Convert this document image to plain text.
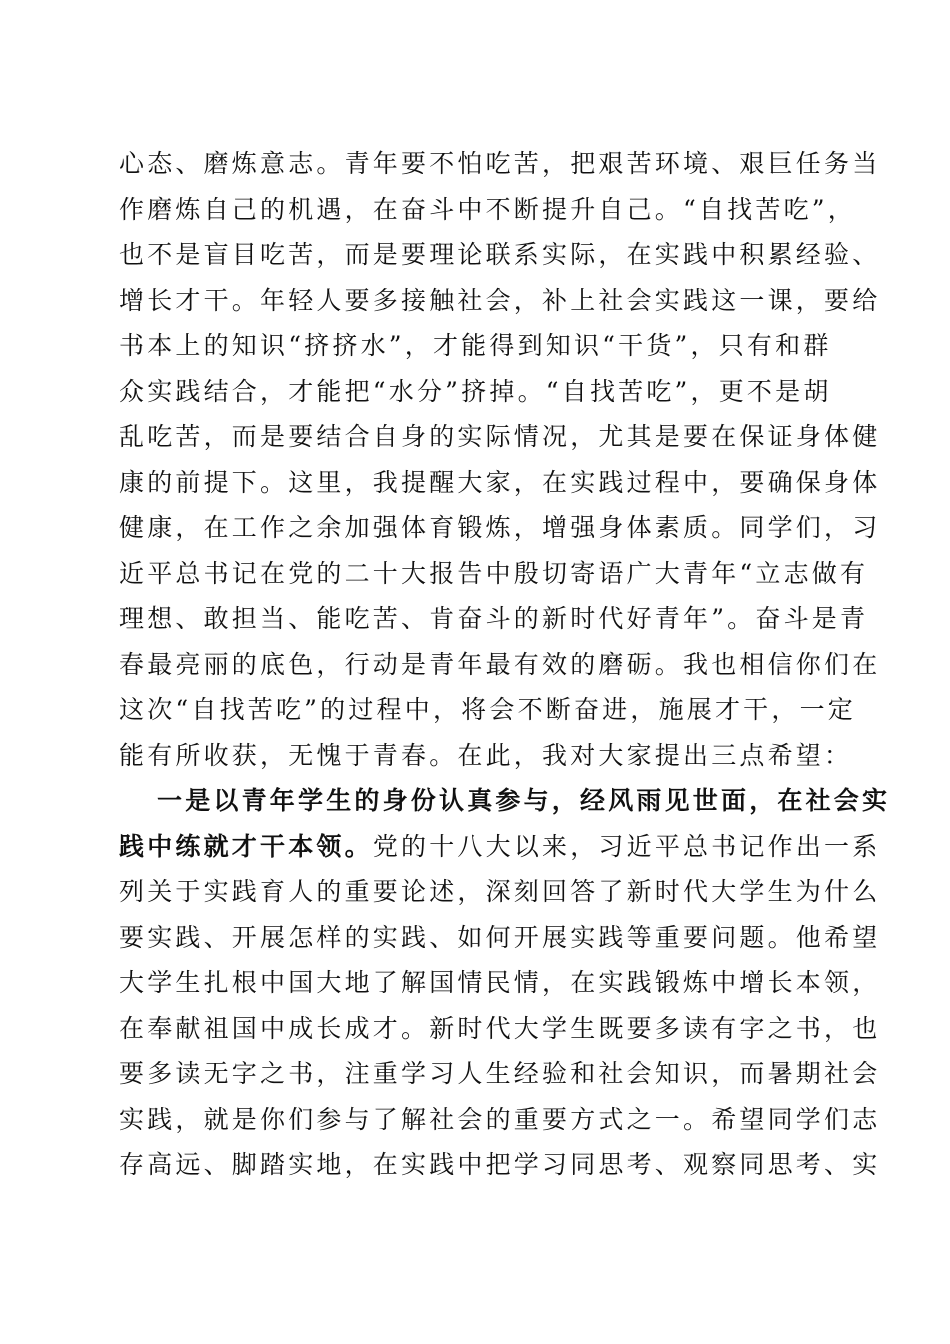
心态、磨炼意志。青年要不怕吃苦，把艰苦环境、艰巨任务当
作磨炼自己的机遇，在奋斗中不断提升自己。“自找苦吃”，
也不是盲目吃苦，而是要理论联系实际，在实践中积累经验、
增长才干。年轻人要多接触社会，补上社会实践这一课，要给
书本上的知识“挤挤水”，才能得到知识“干货”，只有和群
众实践结合，才能把“水分”挤掉。“自找苦吃”，更不是胡
乱吃苦，而是要结合自身的实际情况，尤其是要在保证身体健
康的前提下。这里，我提醒大家，在实践过程中，要确保身体
健康，在工作之余加强体育锻炼，增强身体素质。同学们，习
近平总书记在党的二十大报告中殷切寄语广大青年“立志做有
理想、敢担当、能吃苦、肯奋斗的新时代好青年”。奋斗是青
春最亮丽的底色，行动是青年最有效的磨砺。我也相信你们在
这次“自找苦吃”的过程中，将会不断奋进，施展才干，一定
能有所收获，无愧于青春。在此，我对大家提出三点希望：
一是以青年学生的身份认真参与，经风雨见世面，在社会实
践中练就才干本领。党的十八大以来，习近平总书记作出一系
列关于实践育人的重要论述，深刻回答了新时代大学生为什么
要实践、开展怎样的实践、如何开展实践等重要问题。他希望
大学生扎根中国大地了解国情民情，在实践锻炼中增长本领，
在奉献祖国中成长成才。新时代大学生既要多读有字之书，也
要多读无字之书，注重学习人生经验和社会知识，而暑期社会
实践，就是你们参与了解社会的重要方式之一。希望同学们志
存高远、脚踏实地，在实践中把学习同思考、观察同思考、实
